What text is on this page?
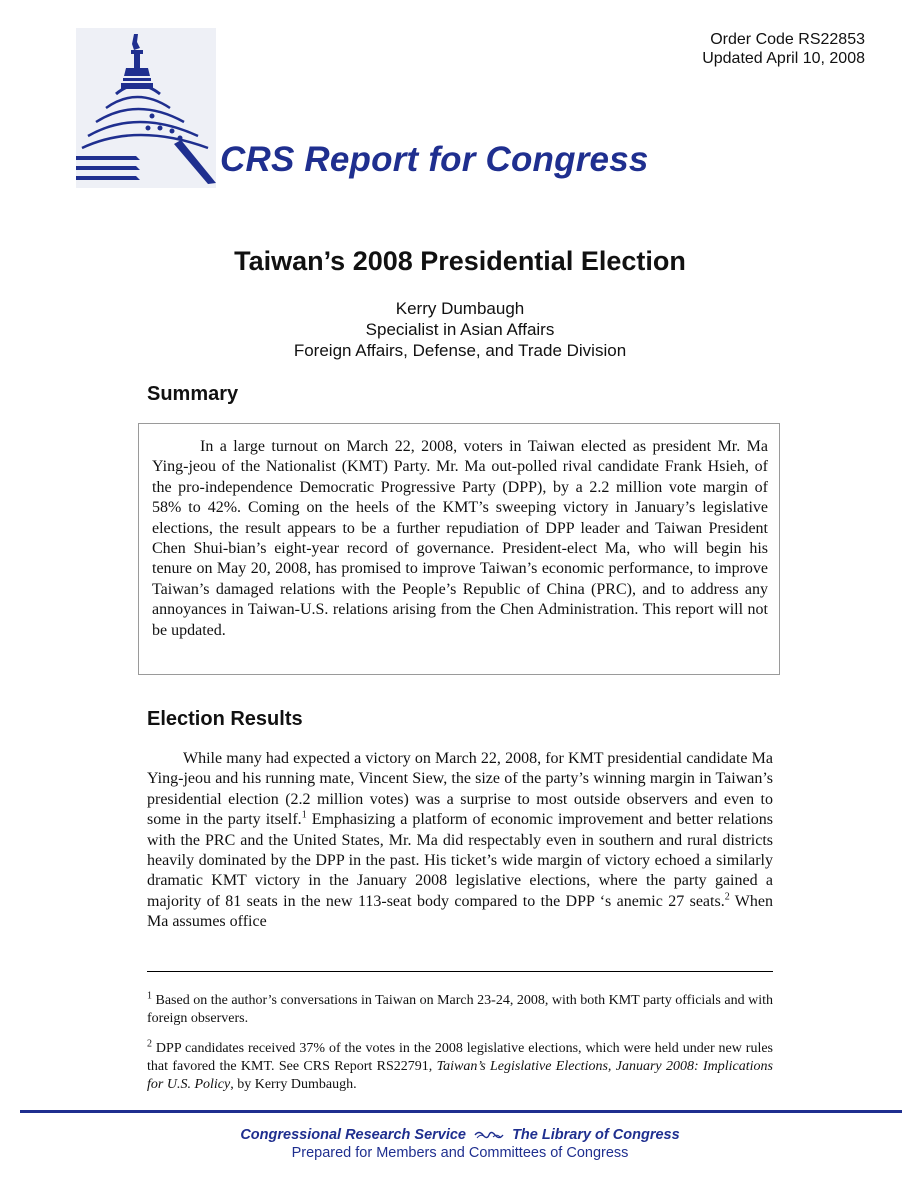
Order Code RS22853
Updated April 10, 2008
CRS Report for Congress
Taiwan’s 2008 Presidential Election
Kerry Dumbaugh
Specialist in Asian Affairs
Foreign Affairs, Defense, and Trade Division
Summary

In a large turnout on March 22, 2008, voters in Taiwan elected as president Mr. Ma Ying-jeou of the Nationalist (KMT) Party. Mr. Ma out-polled rival candidate Frank Hsieh, of the pro-independence Democratic Progressive Party (DPP), by a 2.2 million vote margin of 58% to 42%. Coming on the heels of the KMT’s sweeping victory in January’s legislative elections, the result appears to be a further repudiation of DPP leader and Taiwan President Chen Shui-bian’s eight-year record of governance. President-elect Ma, who will begin his tenure on May 20, 2008, has promised to improve Taiwan’s economic performance, to improve Taiwan’s damaged relations with the People’s Republic of China (PRC), and to address any annoyances in Taiwan-U.S. relations arising from the Chen Administration. This report will not be updated.

Election Results

While many had expected a victory on March 22, 2008, for KMT presidential candidate Ma Ying-jeou and his running mate, Vincent Siew, the size of the party’s winning margin in Taiwan’s presidential election (2.2 million votes) was a surprise to most outside observers and even to some in the party itself.$^1$ Emphasizing a platform of economic improvement and better relations with the PRC and the United States, Mr. Ma did respectably even in southern and rural districts heavily dominated by the DPP in the past. His ticket’s wide margin of victory echoed a similarly dramatic KMT victory in the January 2008 legislative elections, where the party gained a majority of 81 seats in the new 113-seat body compared to the DPP ‘s anemic 27 seats.$^2$ When Ma assumes office

$^1$ Based on the author’s conversations in Taiwan on March 23-24, 2008, with both KMT party officials and with foreign observers.

$^2$ DPP candidates received 37% of the votes in the 2008 legislative elections, which were held under new rules that favored the KMT. See CRS Report RS22791, Taiwan’s Legislative Elections, January 2008: Implications for U.S. Policy, by Kerry Dumbaugh.

Congressional Research Service	The Library of Congress
Prepared for Members and Committees of Congress
